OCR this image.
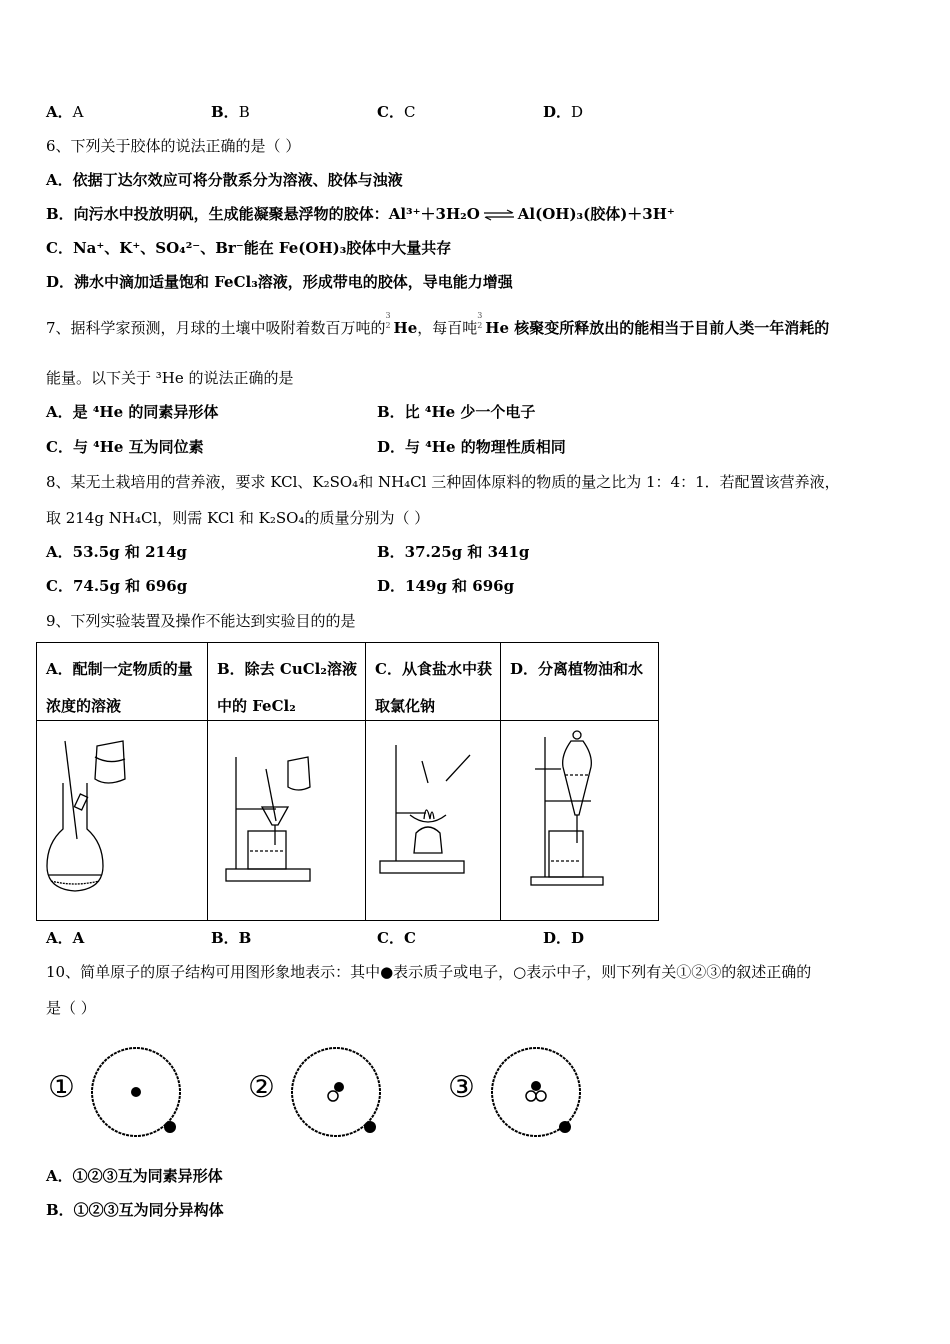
A．A	B．B	C．C	D．D
6、下列关于胶体的说法正确的是（ ）
A．依据丁达尔效应可将分散系分为溶液、胶体与浊液
B．向污水中投放明矾，生成能凝聚悬浮物的胶体：Al³⁺＋3H₂O ⇌ Al(OH)₃(胶体)＋3H⁺
C．Na⁺、K⁺、SO₄²⁻、Br⁻能在 Fe(OH)₃胶体中大量共存
D．沸水中滴加适量饱和 FeCl₃溶液，形成带电的胶体，导电能力增强
7、据科学家预测，月球的土壤中吸附着数百万吨的
3
2 He，每百吨
3
2 He 核聚变所释放出的能相当于目前人类一年消耗的
能量。以下关于 ³He 的说法正确的是
A．是 ⁴He 的同素异形体	B．比 ⁴He 少一个电子
C．与 ⁴He 互为同位素	D．与 ⁴He 的物理性质相同
8、某无土栽培用的营养液，要求 KCl、K₂SO₄和 NH₄Cl 三种固体原料的物质的量之比为 1：4：1．若配置该营养液，
取 214g NH₄Cl，则需 KCl 和 K₂SO₄的质量分别为（ ）
A．53.5g 和 214g	B．37.25g 和 341g
C．74.5g 和 696g	D．149g 和 696g
9、下列实验装置及操作不能达到实验目的的是
A．配制一定物质的量浓度的溶液	B．除去 CuCl₂溶液中的 FeCl₂	C．从食盐水中获取氯化钠	D．分离植物油和水

A．A	B．B	C．C	D．D
10、简单原子的原子结构可用图形象地表示：其中●表示质子或电子，○表示中子，则下列有关①②③的叙述正确的
是（ ）
①	②	③
A．①②③互为同素异形体
B．①②③互为同分异构体
